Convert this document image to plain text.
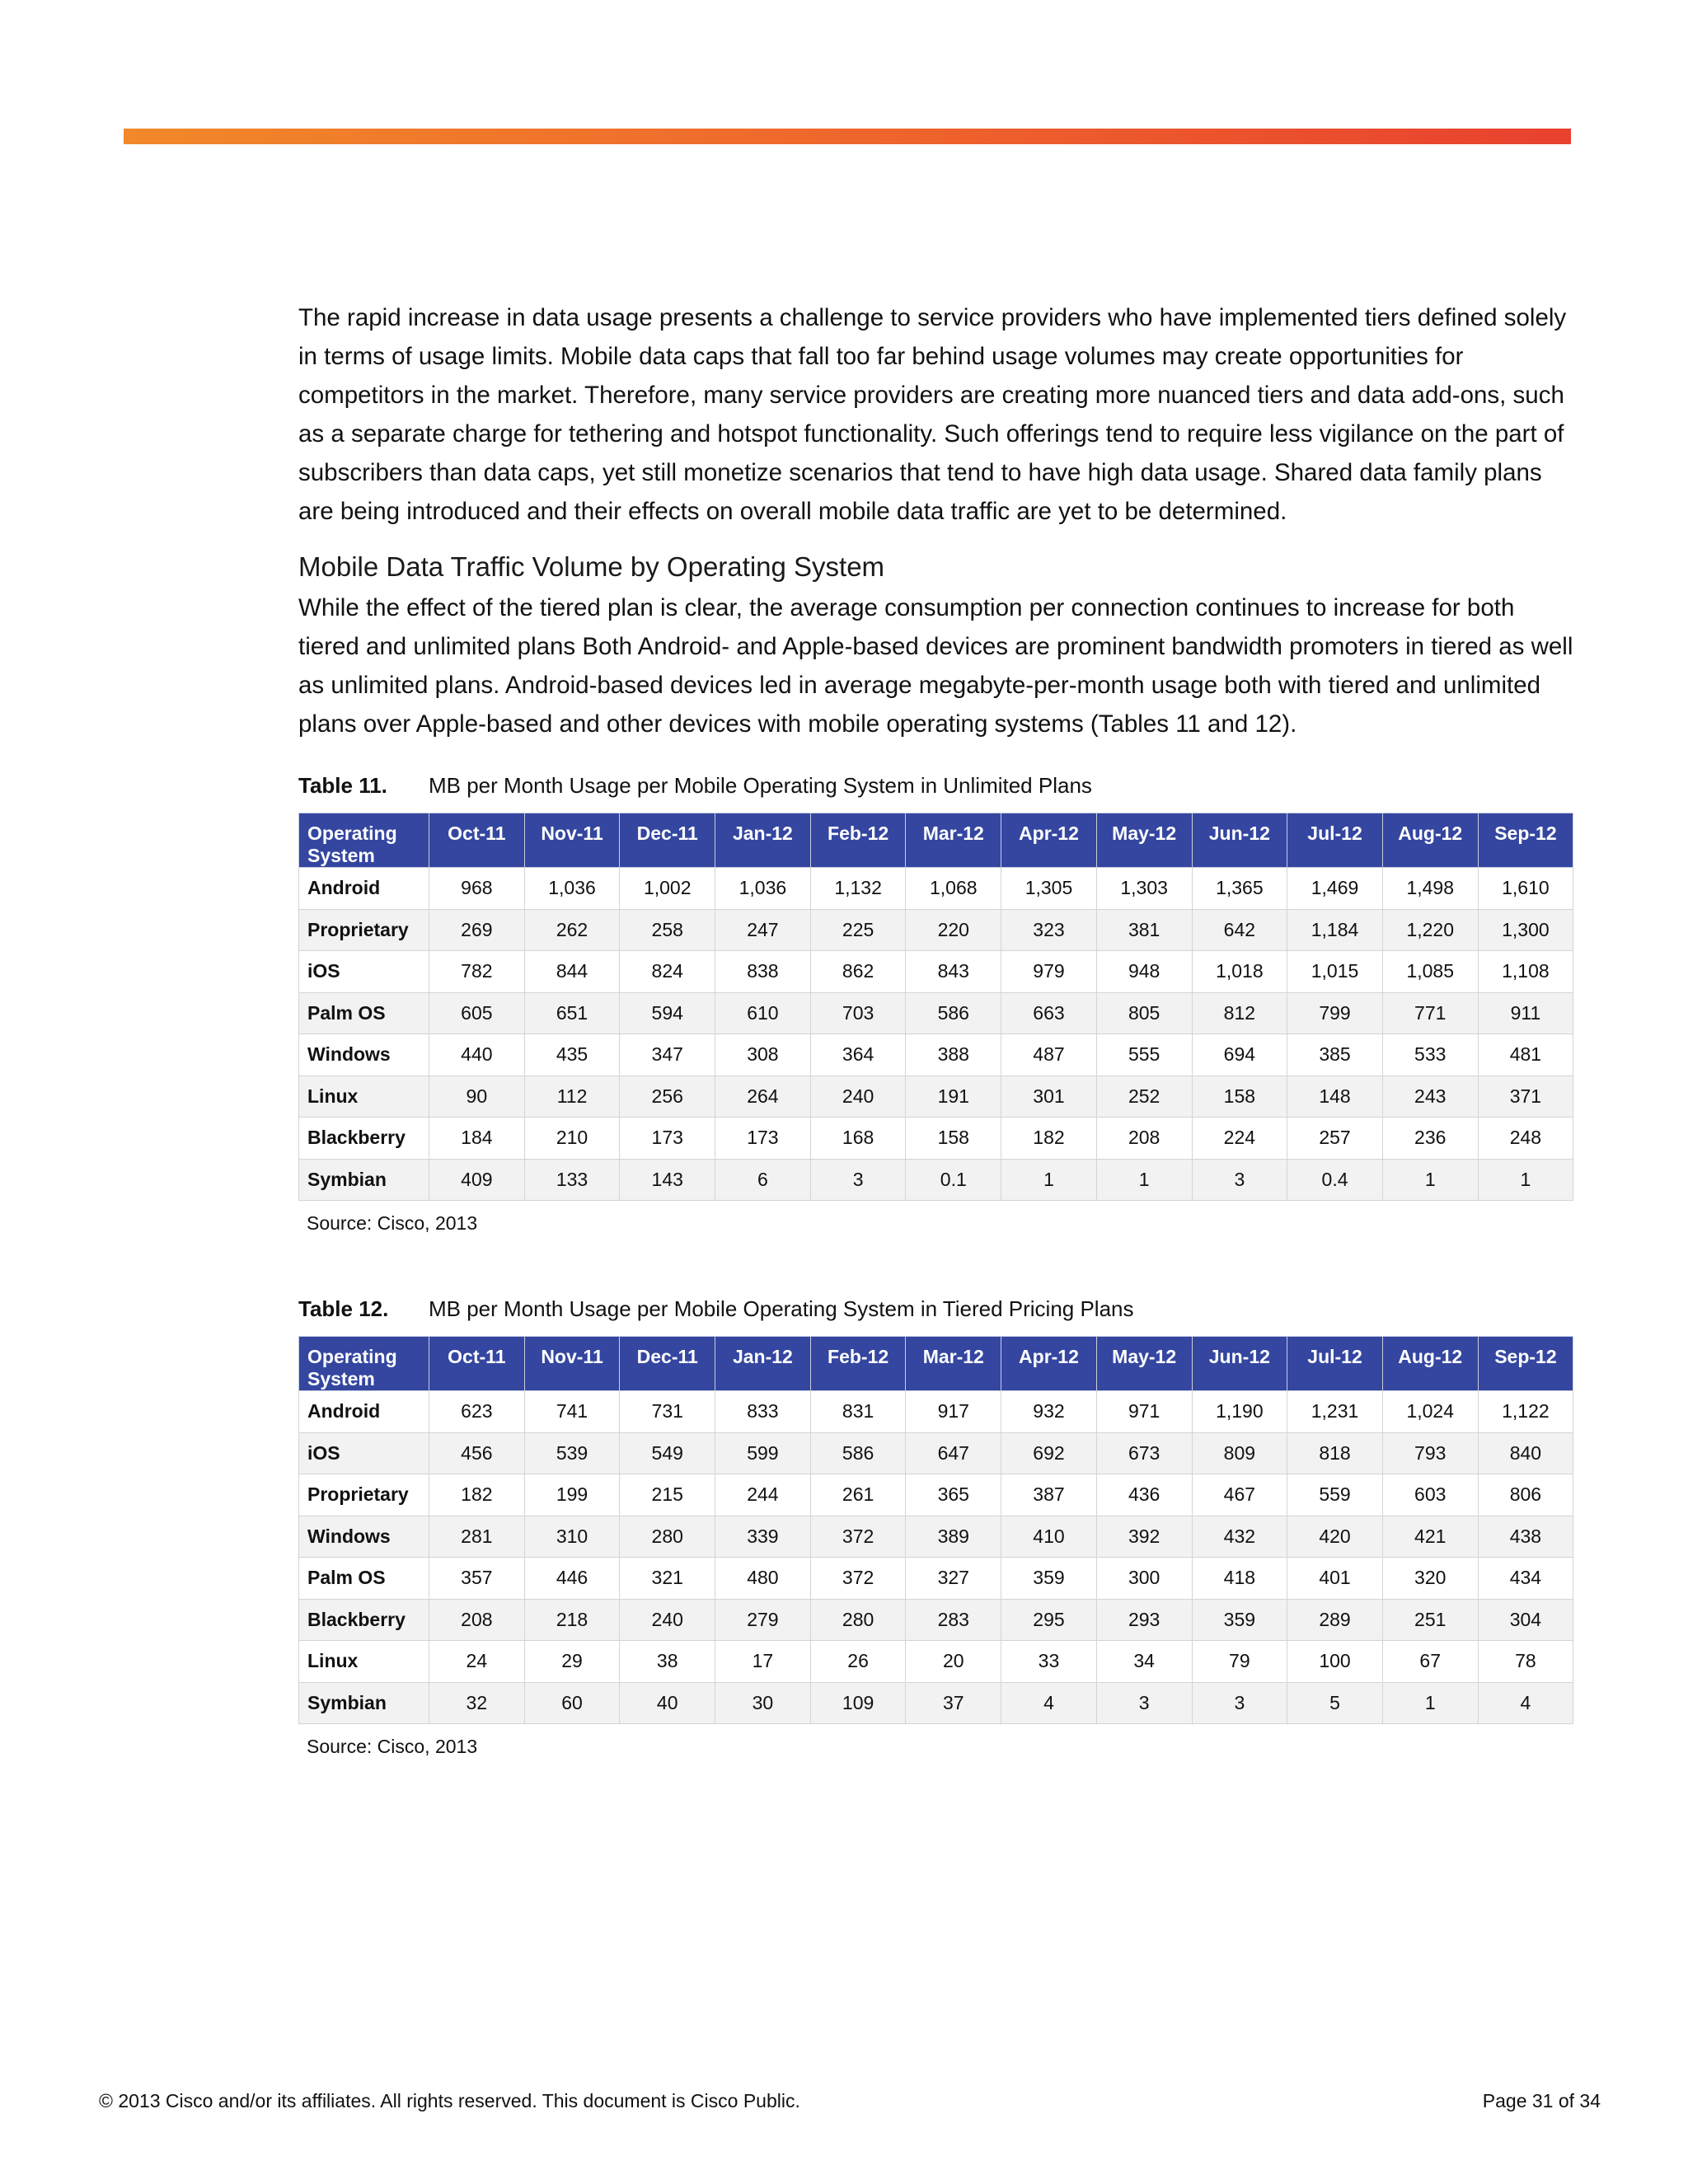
The rapid increase in data usage presents a challenge to service providers who have implemented tiers defined solely in terms of usage limits. Mobile data caps that fall too far behind usage volumes may create opportunities for competitors in the market. Therefore, many service providers are creating more nuanced tiers and data add-ons, such as a separate charge for tethering and hotspot functionality. Such offerings tend to require less vigilance on the part of subscribers than data caps, yet still monetize scenarios that tend to have high data usage. Shared data family plans are being introduced and their effects on overall mobile data traffic are yet to be determined.

Mobile Data Traffic Volume by Operating System

While the effect of the tiered plan is clear, the average consumption per connection continues to increase for both tiered and unlimited plans Both Android- and Apple-based devices are prominent bandwidth promoters in tiered as well as unlimited plans. Android-based devices led in average megabyte-per-month usage both with tiered and unlimited plans over Apple-based and other devices with mobile operating systems (Tables 11 and 12).

Table 11.	MB per Month Usage per Mobile Operating System in Unlimited Plans
Operating System	Oct-11	Nov-11	Dec-11	Jan-12	Feb-12	Mar-12	Apr-12	May-12	Jun-12	Jul-12	Aug-12	Sep-12
Android	968	1,036	1,002	1,036	1,132	1,068	1,305	1,303	1,365	1,469	1,498	1,610
Proprietary	269	262	258	247	225	220	323	381	642	1,184	1,220	1,300
iOS	782	844	824	838	862	843	979	948	1,018	1,015	1,085	1,108
Palm OS	605	651	594	610	703	586	663	805	812	799	771	911
Windows	440	435	347	308	364	388	487	555	694	385	533	481
Linux	90	112	256	264	240	191	301	252	158	148	243	371
Blackberry	184	210	173	173	168	158	182	208	224	257	236	248
Symbian	409	133	143	6	3	0.1	1	1	3	0.4	1	1
Source: Cisco, 2013
Table 12.	MB per Month Usage per Mobile Operating System in Tiered Pricing Plans
Operating System	Oct-11	Nov-11	Dec-11	Jan-12	Feb-12	Mar-12	Apr-12	May-12	Jun-12	Jul-12	Aug-12	Sep-12
Android	623	741	731	833	831	917	932	971	1,190	1,231	1,024	1,122
iOS	456	539	549	599	586	647	692	673	809	818	793	840
Proprietary	182	199	215	244	261	365	387	436	467	559	603	806
Windows	281	310	280	339	372	389	410	392	432	420	421	438
Palm OS	357	446	321	480	372	327	359	300	418	401	320	434
Blackberry	208	218	240	279	280	283	295	293	359	289	251	304
Linux	24	29	38	17	26	20	33	34	79	100	67	78
Symbian	32	60	40	30	109	37	4	3	3	5	1	4
Source: Cisco, 2013
© 2013 Cisco and/or its affiliates. All rights reserved. This document is Cisco Public.	Page 31 of 34
